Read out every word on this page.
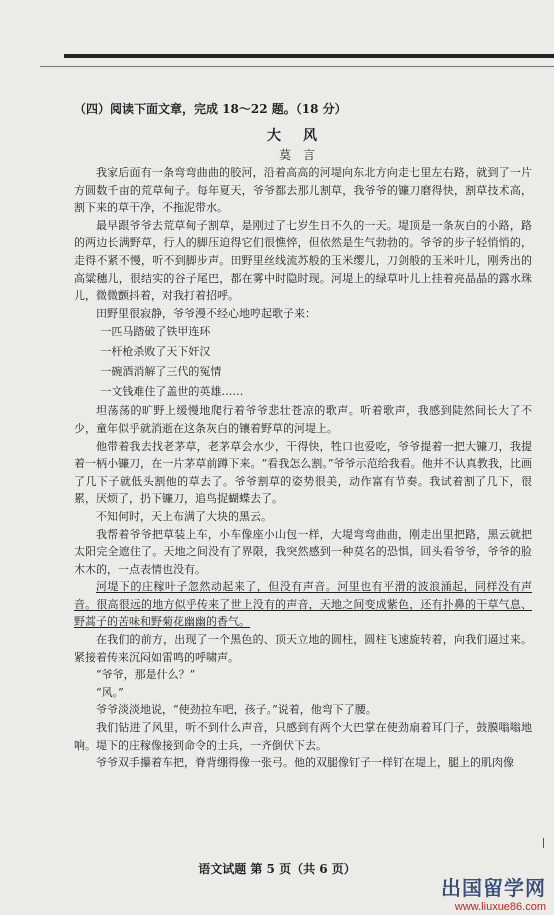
（四）阅读下面文章，完成 18～22 题。（18 分）
大风
莫言

我家后面有一条弯弯曲曲的胶河，沿着高高的河堤向东北方向走七里左右路，就到了一片方圆数千亩的荒草甸子。每年夏天，爷爷都去那儿割草，我爷爷的镰刀磨得快，割草技术高，割下来的草干净，不拖泥带水。

最早跟爷爷去荒草甸子割草，是刚过了七岁生日不久的一天。堤顶是一条灰白的小路，路的两边长满野草，行人的脚压迫得它们很憔悴，但依然是生气勃勃的。爷爷的步子轻悄悄的，走得不紧不慢，听不到脚步声。田野里丝线流苏般的玉米缨儿，刀剑般的玉米叶儿，刚秀出的高粱穗儿，很结实的谷子尾巴，都在雾中时隐时现。河堤上的绿草叶儿上挂着亮晶晶的露水珠儿，微微颤抖着，对我打着招呼。

田野里很寂静，爷爷漫不经心地哼起歌子来：

一匹马踏破了铁甲连环

一杆枪杀败了天下奸汉

一碗酒消解了三代的冤情

一文钱难住了盖世的英雄……

坦荡荡的旷野上缓慢地爬行着爷爷悲壮苍凉的歌声。听着歌声，我感到陡然间长大了不少，童年似乎就消逝在这条灰白的镶着野草的河堤上。

他带着我去找老茅草，老茅草会水少，干得快，牲口也爱吃，爷爷提着一把大镰刀，我提着一柄小镰刀，在一片茅草前蹲下来。“看我怎么割。”爷爷示范给我看。他并不认真教我，比画了几下子就低头割他的草去了。爷爷割草的姿势很美，动作富有节奏。我试着割了几下，很累，厌烦了，扔下镰刀，追鸟捉蝴蝶去了。

不知何时，天上布满了大块的黑云。

我帮着爷爷把草装上车，小车像座小山包一样，大堤弯弯曲曲，刚走出里把路，黑云就把太阳完全遮住了。天地之间没有了界限，我突然感到一种莫名的恐惧，回头看爷爷，爷爷的脸木木的，一点表情也没有。

河堤下的庄稼叶子忽然动起来了，但没有声音。河里也有平滑的波浪涌起，同样没有声音。很高很远的地方似乎传来了世上没有的声音，天地之间变成紫色，还有扑鼻的干草气息、野蒿子的苦味和野菊花幽幽的香气。

在我们的前方，出现了一个黑色的、顶天立地的圆柱，圆柱飞速旋转着，向我们逼过来。紧接着传来沉闷如雷鸣的呼啸声。

“爷爷，那是什么？”

“风。”

爷爷淡淡地说，“使劲拉车吧，孩子。”说着，他弯下了腰。

我们钻进了风里，听不到什么声音，只感到有两个大巴掌在使劲扇着耳门子，鼓膜嗡嗡地响。堤下的庄稼像接到命令的士兵，一齐倒伏下去。

爷爷双手攥着车把，脊背绷得像一张弓。他的双腿像钉子一样钉在堤上，腿上的肌肉像

语文试题 第 5 页（共 6 页）
出国留学网
www.liuxue86.com
